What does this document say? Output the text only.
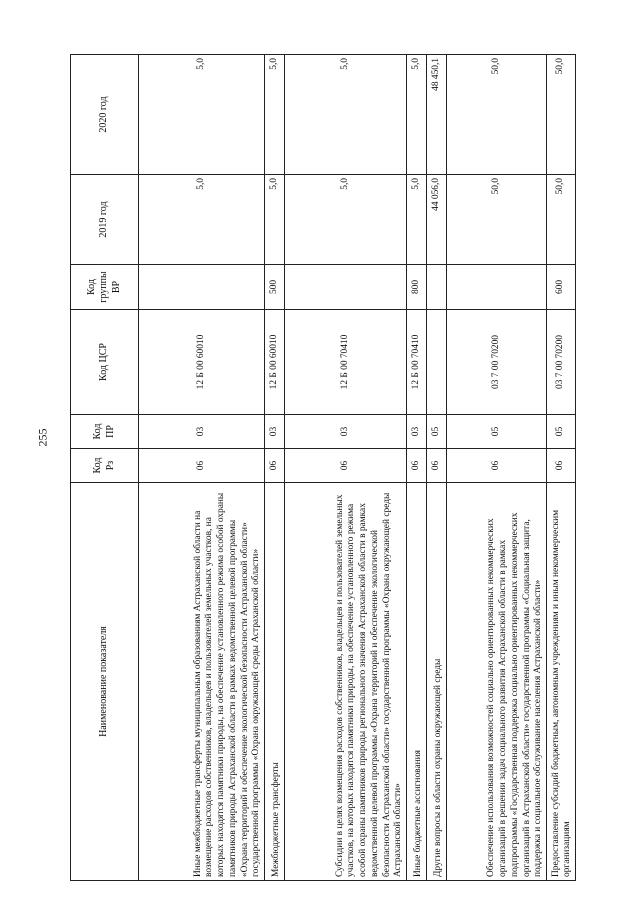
255
Наименование показателя	Код Рз	Код ПР	Код ЦСР	Код группы ВР	2019 год	2020 год
Иные межбюджетные трансферты муниципальным образованиям Астраханской области на возмещение расходов собственников, владельцев и пользователей земельных участков, на которых находятся памятники природы, на обеспечение установленного режима особой охраны памятников природы Астраханской области в рамках ведомственной целевой программы «Охрана территорий и обеспечение экологической безопасности Астраханской области» государственной программы «Охрана окружающей среды Астраханской области»	06	03	12 Б 00 60010		5,0	5,0
Межбюджетные трансферты	06	03	12 Б 00 60010	500	5,0	5,0
Субсидии в целях возмещения расходов собственников, владельцев и пользователей земельных участков, на которых находятся памятники природы, на обеспечение установленного режима особой охраны памятников природы регионального значения Астраханской области в рамках ведомственной целевой программы «Охрана территорий и обеспечение экологической безопасности Астраханской области» государственной программы «Охрана окружающей среды Астраханской области»	06	03	12 Б 00 70410		5,0	5,0
Иные бюджетные ассигнования	06	03	12 Б 00 70410	800	5,0	5,0
Другие вопросы в области охраны окружающей среды	06	05			44 056,0	48 450,1
Обеспечение использования возможностей социально ориентированных некоммерческих организаций в решении задач социального развития Астраханской области в рамках подпрограммы «Государственная поддержка социально ориентированных некоммерческих организаций в Астраханской области» государственной программы «Социальная защита, поддержка и социальное обслуживание населения Астраханской области»	06	05	03 7 00 70200		50,0	50,0
Предоставление субсидий бюджетным, автономным учреждениям и иным некоммерческим организациям	06	05	03 7 00 70200	600	50,0	50,0
